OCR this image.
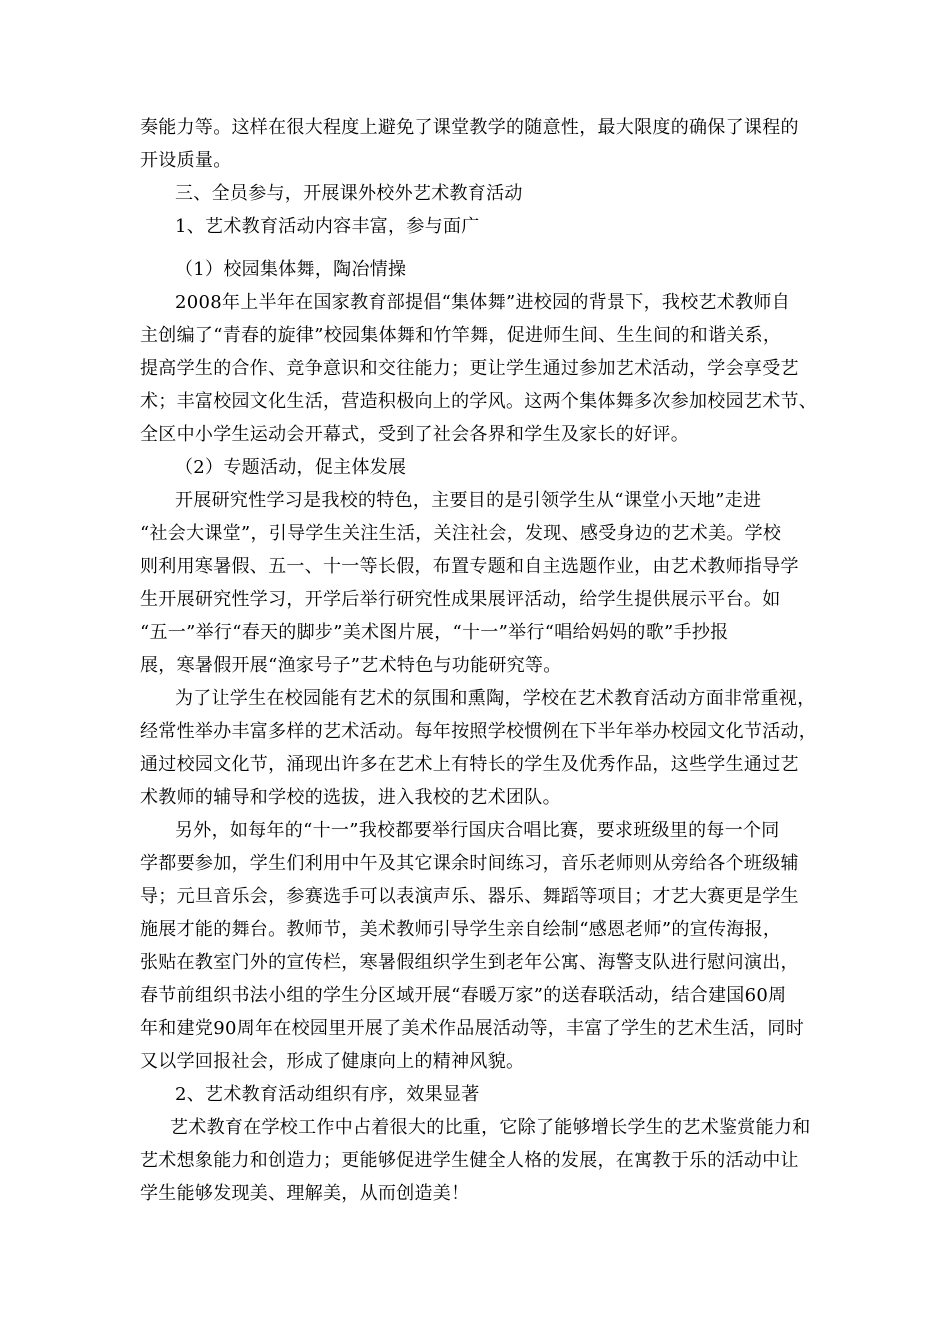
奏能力等。这样在很大程度上避免了课堂教学的随意性，最大限度的确保了课程的
开设质量。
三、全员参与，开展课外校外艺术教育活动
1、艺术教育活动内容丰富，参与面广
（1）校园集体舞，陶冶情操
2008年上半年在国家教育部提倡“集体舞”进校园的背景下，我校艺术教师自
主创编了“青春的旋律”校园集体舞和竹竿舞，促进师生间、生生间的和谐关系，
提高学生的合作、竞争意识和交往能力；更让学生通过参加艺术活动，学会享受艺
术；丰富校园文化生活，营造积极向上的学风。这两个集体舞多次参加校园艺术节、
全区中小学生运动会开幕式，受到了社会各界和学生及家长的好评。
（2）专题活动，促主体发展
开展研究性学习是我校的特色，主要目的是引领学生从“课堂小天地”走进
“社会大课堂”，引导学生关注生活，关注社会，发现、感受身边的艺术美。学校
则利用寒暑假、五一、十一等长假，布置专题和自主选题作业，由艺术教师指导学
生开展研究性学习，开学后举行研究性成果展评活动，给学生提供展示平台。如
“五一”举行“春天的脚步”美术图片展，“十一”举行“唱给妈妈的歌”手抄报
展，寒暑假开展“渔家号子”艺术特色与功能研究等。
为了让学生在校园能有艺术的氛围和熏陶，学校在艺术教育活动方面非常重视，
经常性举办丰富多样的艺术活动。每年按照学校惯例在下半年举办校园文化节活动，
通过校园文化节，涌现出许多在艺术上有特长的学生及优秀作品，这些学生通过艺
术教师的辅导和学校的选拔，进入我校的艺术团队。
另外，如每年的“十一”我校都要举行国庆合唱比赛，要求班级里的每一个同
学都要参加，学生们利用中午及其它课余时间练习，音乐老师则从旁给各个班级辅
导；元旦音乐会，参赛选手可以表演声乐、器乐、舞蹈等项目；才艺大赛更是学生
施展才能的舞台。教师节，美术教师引导学生亲自绘制“感恩老师”的宣传海报，
张贴在教室门外的宣传栏，寒暑假组织学生到老年公寓、海警支队进行慰问演出，
春节前组织书法小组的学生分区域开展“春暖万家”的送春联活动，结合建国60周
年和建党90周年在校园里开展了美术作品展活动等，丰富了学生的艺术生活，同时
又以学回报社会，形成了健康向上的精神风貌。
2、艺术教育活动组织有序，效果显著
艺术教育在学校工作中占着很大的比重，它除了能够增长学生的艺术鉴赏能力和
艺术想象能力和创造力；更能够促进学生健全人格的发展，在寓教于乐的活动中让
学生能够发现美、理解美，从而创造美！
